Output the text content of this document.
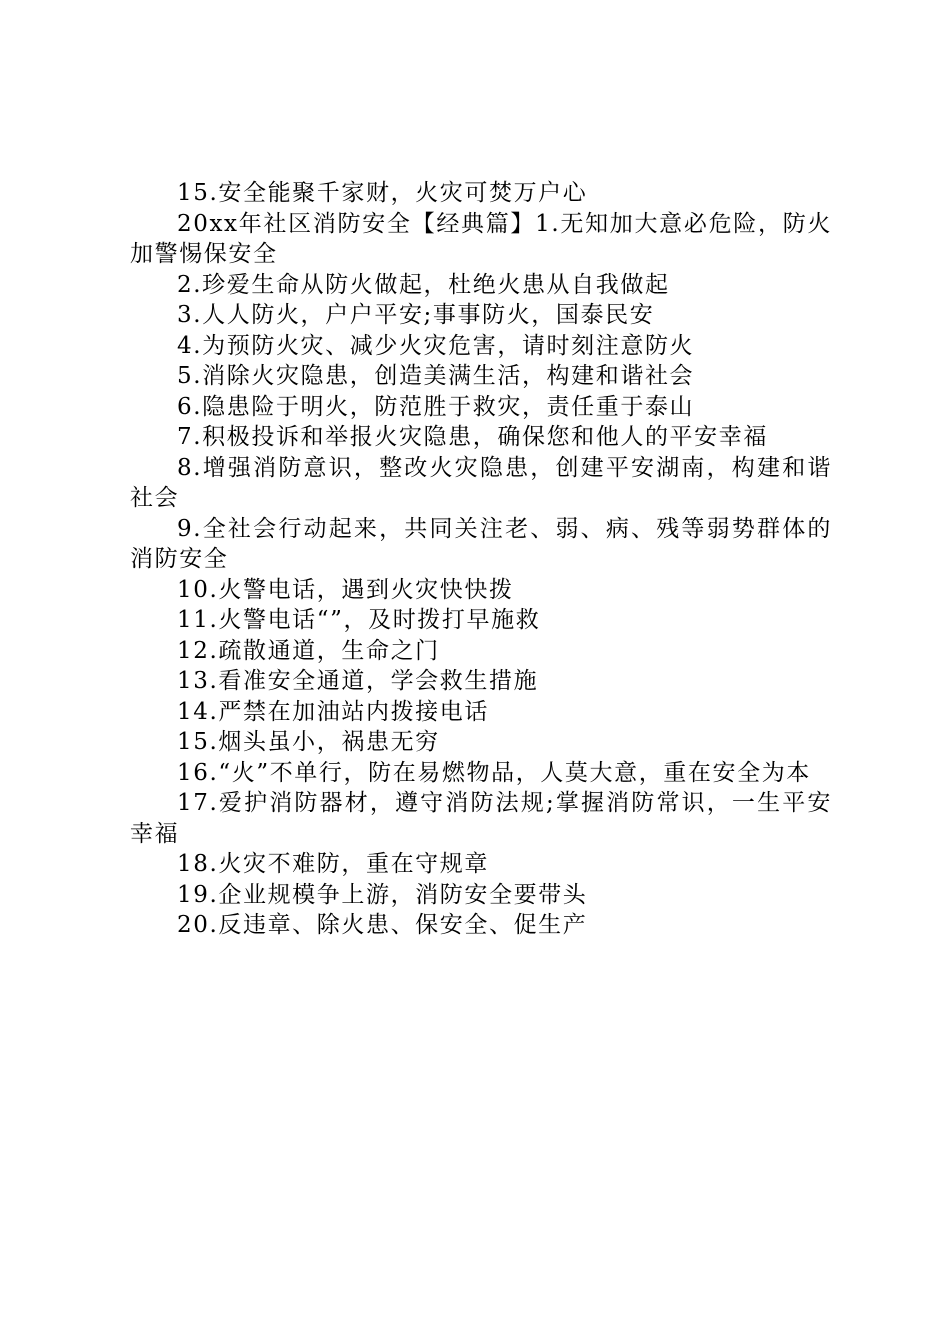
15.安全能聚千家财，火灾可焚万户心

20xx年社区消防安全【经典篇】1.无知加大意必危险，防火加警惕保安全

2.珍爱生命从防火做起，杜绝火患从自我做起

3.人人防火，户户平安;事事防火，国泰民安

4.为预防火灾、减少火灾危害，请时刻注意防火

5.消除火灾隐患，创造美满生活，构建和谐社会

6.隐患险于明火，防范胜于救灾，责任重于泰山

7.积极投诉和举报火灾隐患，确保您和他人的平安幸福

8.增强消防意识，整改火灾隐患，创建平安湖南，构建和谐社会

9.全社会行动起来，共同关注老、弱、病、残等弱势群体的消防安全

10.火警电话，遇到火灾快快拨

11.火警电话“”，及时拨打早施救

12.疏散通道，生命之门

13.看准安全通道，学会救生措施

14.严禁在加油站内拨接电话

15.烟头虽小，祸患无穷

16.“火”不单行，防在易燃物品，人莫大意，重在安全为本

17.爱护消防器材，遵守消防法规;掌握消防常识，一生平安幸福

18.火灾不难防，重在守规章

19.企业规模争上游，消防安全要带头

20.反违章、除火患、保安全、促生产
